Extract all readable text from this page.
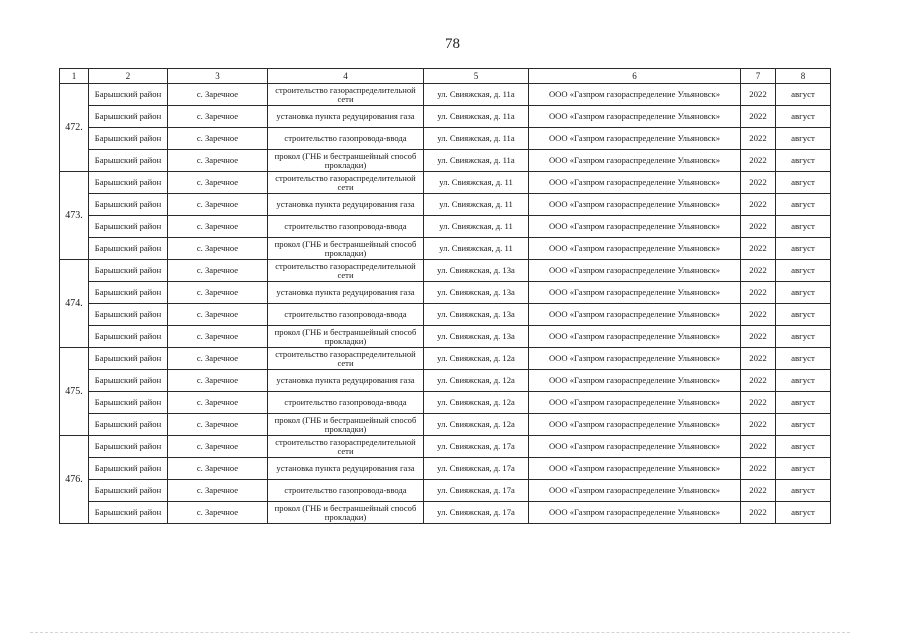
78
1	2	3	4	5	6	7	8
472.	Барышский район	с. Заречное	строительство газораспределительной сети	ул. Свияжская, д. 11а	ООО «Газпром газораспределение Ульяновск»	2022	август
	Барышский район	с. Заречное	установка пункта редуцирования газа	ул. Свияжская, д. 11а	ООО «Газпром газораспределение Ульяновск»	2022	август
	Барышский район	с. Заречное	строительство газопровода-ввода	ул. Свияжская, д. 11а	ООО «Газпром газораспределение Ульяновск»	2022	август
	Барышский район	с. Заречное	прокол (ГНБ и бестраншейный способ прокладки)	ул. Свияжская, д. 11а	ООО «Газпром газораспределение Ульяновск»	2022	август
473.	Барышский район	с. Заречное	строительство газораспределительной сети	ул. Свияжская, д. 11	ООО «Газпром газораспределение Ульяновск»	2022	август
	Барышский район	с. Заречное	установка пункта редуцирования газа	ул. Свияжская, д. 11	ООО «Газпром газораспределение Ульяновск»	2022	август
	Барышский район	с. Заречное	строительство газопровода-ввода	ул. Свияжская, д. 11	ООО «Газпром газораспределение Ульяновск»	2022	август
	Барышский район	с. Заречное	прокол (ГНБ и бестраншейный способ прокладки)	ул. Свияжская, д. 11	ООО «Газпром газораспределение Ульяновск»	2022	август
474.	Барышский район	с. Заречное	строительство газораспределительной сети	ул. Свияжская, д. 13а	ООО «Газпром газораспределение Ульяновск»	2022	август
	Барышский район	с. Заречное	установка пункта редуцирования газа	ул. Свияжская, д. 13а	ООО «Газпром газораспределение Ульяновск»	2022	август
	Барышский район	с. Заречное	строительство газопровода-ввода	ул. Свияжская, д. 13а	ООО «Газпром газораспределение Ульяновск»	2022	август
	Барышский район	с. Заречное	прокол (ГНБ и бестраншейный способ прокладки)	ул. Свияжская, д. 13а	ООО «Газпром газораспределение Ульяновск»	2022	август
475.	Барышский район	с. Заречное	строительство газораспределительной сети	ул. Свияжская, д. 12а	ООО «Газпром газораспределение Ульяновск»	2022	август
	Барышский район	с. Заречное	установка пункта редуцирования газа	ул. Свияжская, д. 12а	ООО «Газпром газораспределение Ульяновск»	2022	август
	Барышский район	с. Заречное	строительство газопровода-ввода	ул. Свияжская, д. 12а	ООО «Газпром газораспределение Ульяновск»	2022	август
	Барышский район	с. Заречное	прокол (ГНБ и бестраншейный способ прокладки)	ул. Свияжская, д. 12а	ООО «Газпром газораспределение Ульяновск»	2022	август
476.	Барышский район	с. Заречное	строительство газораспределительной сети	ул. Свияжская, д. 17а	ООО «Газпром газораспределение Ульяновск»	2022	август
	Барышский район	с. Заречное	установка пункта редуцирования газа	ул. Свияжская, д. 17а	ООО «Газпром газораспределение Ульяновск»	2022	август
	Барышский район	с. Заречное	строительство газопровода-ввода	ул. Свияжская, д. 17а	ООО «Газпром газораспределение Ульяновск»	2022	август
	Барышский район	с. Заречное	прокол (ГНБ и бестраншейный способ прокладки)	ул. Свияжская, д. 17а	ООО «Газпром газораспределение Ульяновск»	2022	август
